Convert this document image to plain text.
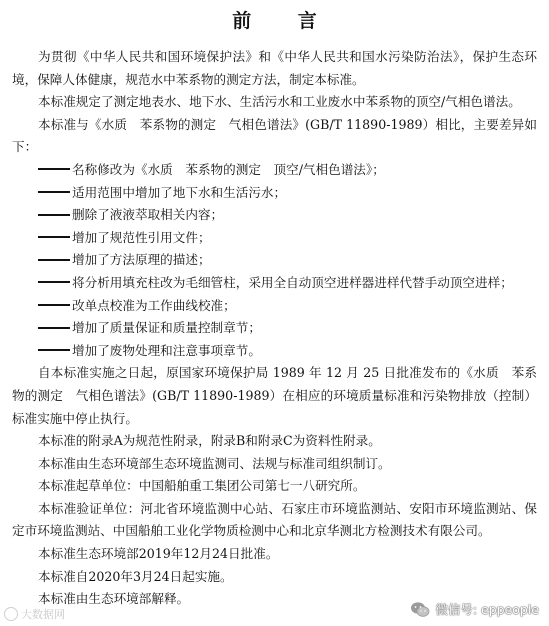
前 言

为贯彻《中华人民共和国环境保护法》和《中华人民共和国水污染防治法》，保护生态环境，保障人体健康，规范水中苯系物的测定方法，制定本标准。

本标准规定了测定地表水、地下水、生活污水和工业废水中苯系物的顶空/气相色谱法。

本标准与《水质　苯系物的测定　气相色谱法》(GB/T 11890-1989）相比，主要差异如下：

名称修改为《水质　苯系物的测定　顶空/气相色谱法》；

适用范围中增加了地下水和生活污水；

删除了液液萃取相关内容；

增加了规范性引用文件；

增加了方法原理的描述；

将分析用填充柱改为毛细管柱，采用全自动顶空进样器进样代替手动顶空进样；

改单点校准为工作曲线校准；

增加了质量保证和质量控制章节；

增加了废物处理和注意事项章节。

自本标准实施之日起，原国家环境保护局 1989 年 12 月 25 日批准发布的《水质　苯系物的测定　气相色谱法》(GB/T 11890-1989）在相应的环境质量标准和污染物排放（控制）标准实施中停止执行。

本标准的附录A为规范性附录，附录B和附录C为资料性附录。

本标准由生态环境部生态环境监测司、法规与标准司组织制订。

本标准起草单位：中国船舶重工集团公司第七一八研究所。

本标准验证单位：河北省环境监测中心站、石家庄市环境监测站、安阳市环境监测站、保定市环境监测站、中国船舶工业化学物质检测中心和北京华测北方检测技术有限公司。

本标准生态环境部2019年12月24日批准。

本标准自2020年3月24日起实施。

本标准由生态环境部解释。

大数据网	微信号: eppeople
